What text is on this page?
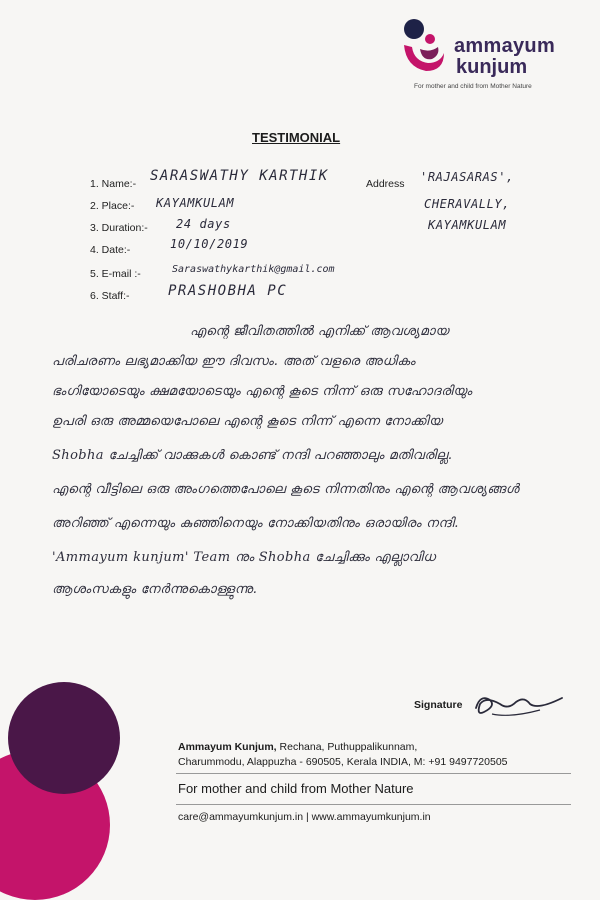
ammayum
kunjum
For mother and child from Mother Nature
TESTIMONIAL
1. Name:- SARASWATHY KARTHIK
2. Place:- KAYAMKULAM
3. Duration:- 24 days
4. Date:-	10/10/2019
5. E-mail :-	Saraswathykarthik@gmail.com
6. Staff:-	PRASHOBHA PC
Address 'RAJASARAS',
CHERAVALLY,
KAYAMKULAM
എന്റെ ജീവിതത്തിൽ എനിക്ക് ആവശ്യമായ
പരിചരണം ലഭ്യമാക്കിയ ഈ ദിവസം. അത് വളരെ അധികം
ഭംഗിയോടെയും ക്ഷമയോടെയും എന്റെ കൂടെ നിന്ന് ഒരു സഹോദരിയും
ഉപരി ഒരു അമ്മയെപോലെ എന്റെ കൂടെ നിന്ന് എന്നെ നോക്കിയ
Shobha ചേച്ചിക്ക് വാക്കുകൾ കൊണ്ട് നന്ദി പറഞ്ഞാലും മതിവരില്ല.
എന്റെ വീട്ടിലെ ഒരു അംഗത്തെപോലെ കൂടെ നിന്നതിനും എന്റെ ആവശ്യങ്ങൾ
അറിഞ്ഞ് എന്നെയും കുഞ്ഞിനെയും നോക്കിയതിനും ഒരായിരം നന്ദി.
'Ammayum kunjum' Team നും Shobha ചേച്ചിക്കും എല്ലാവിധ
ആശംസകളും നേർന്നുകൊള്ളുന്നു.
Signature
Ammayum Kunjum, Rechana, Puthuppalikunnam,
Charummodu, Alappuzha - 690505, Kerala INDIA, M: +91 9497720505
For mother and child from Mother Nature
care@ammayumkunjum.in | www.ammayumkunjum.in
